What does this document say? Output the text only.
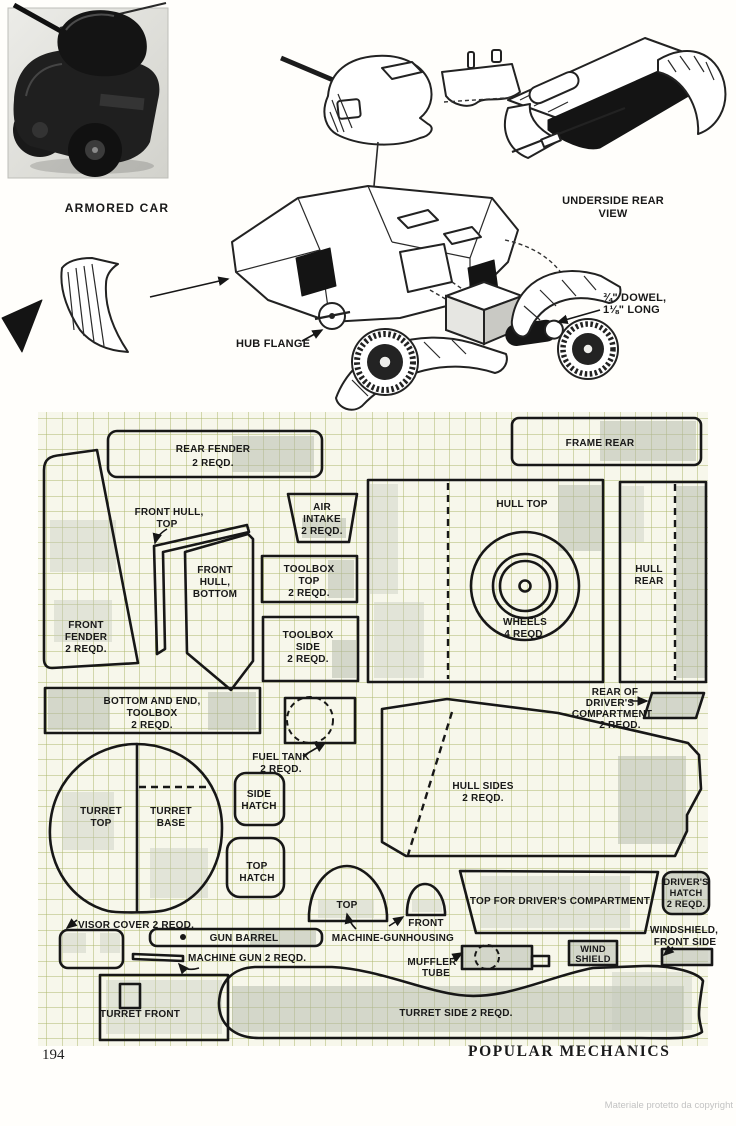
ARMORED CAR	UNDERSIDE REAR
VIEW
HUB FLANGE
¾" DOWEL,
1⅛" LONG
REAR FENDER
2 REQD.
FRAME REAR
FRONT
FENDER
2 REQD.
FRONT HULL,
TOP
FRONT
HULL,
BOTTOM
AIR
INTAKE
2 REQD.
TOOLBOX
TOP
2 REQD.
TOOLBOX
SIDE
2 REQD.
HULL TOP
WHEELS
4 REQD.
HULL
REAR
BOTTOM AND END,
TOOLBOX
2 REQD.
FUEL TANK
2 REQD.
REAR OF
DRIVER'S
COMPARTMENT
2 REQD.
HULL SIDES
2 REQD.
TURRET
TOP
TURRET
BASE
SIDE
HATCH
TOP
HATCH
TOP
MACHINE-GUN
FRONT
HOUSING
TOP FOR DRIVER'S COMPARTMENT
DRIVER'S
HATCH
2 REQD.
VISOR COVER 2 REQD.
GUN BARREL
MACHINE GUN 2 REQD.
WINDSHIELD,
FRONT SIDE
WIND
SHIELD
MUFFLER
TUBE
TURRET FRONT	TURRET SIDE 2 REQD.
194	POPULAR MECHANICS
Materiale protetto da copyright
